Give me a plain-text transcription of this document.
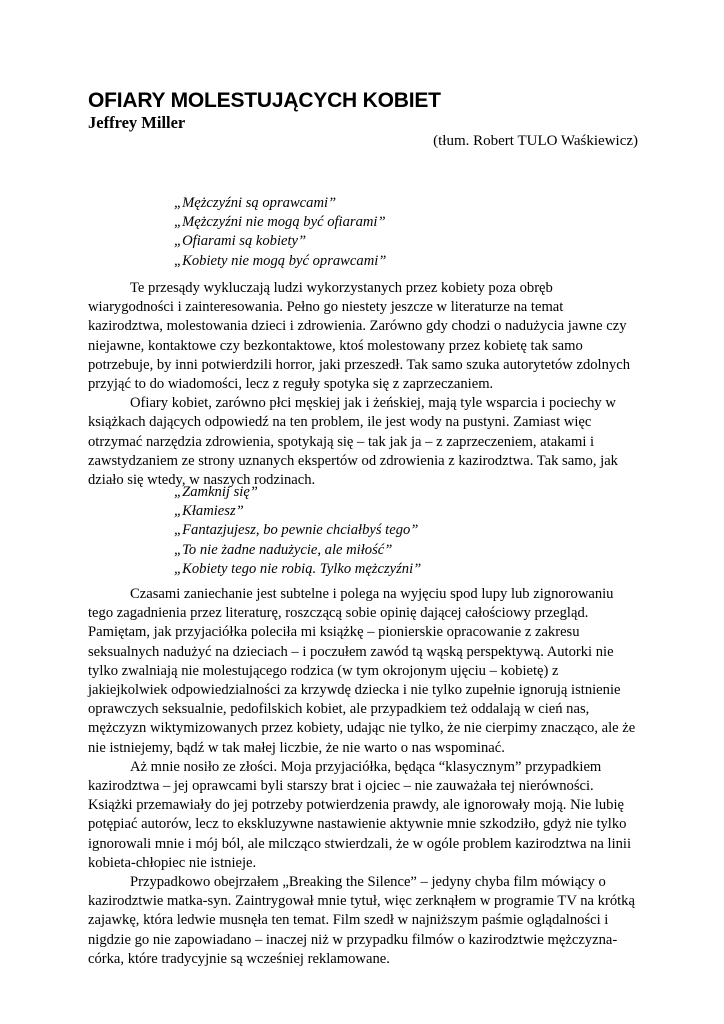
OFIARY MOLESTUJĄCYCH KOBIET
Jeffrey Miller
(tłum. Robert TULO Waśkiewicz)
„Mężczyźni są oprawcami”
„Mężczyźni nie mogą być ofiarami”
„Ofiarami są kobiety”
„Kobiety nie mogą być oprawcami”
Te przesądy wykluczają ludzi wykorzystanych przez kobiety poza obręb
wiarygodności i zainteresowania. Pełno go niestety jeszcze w literaturze na temat
kazirodztwa, molestowania dzieci i zdrowienia. Zarówno gdy chodzi o nadużycia jawne czy
niejawne, kontaktowe czy bezkontaktowe, ktoś molestowany przez kobietę tak samo
potrzebuje, by inni potwierdzili horror, jaki przeszedł. Tak samo szuka autorytetów zdolnych
przyjąć to do wiadomości, lecz z reguły spotyka się z zaprzeczaniem.
Ofiary kobiet, zarówno płci męskiej jak i żeńskiej, mają tyle wsparcia i pociechy w
książkach dających odpowiedź na ten problem, ile jest wody na pustyni. Zamiast więc
otrzymać narzędzia zdrowienia, spotykają się – tak jak ja – z zaprzeczeniem, atakami i
zawstydzaniem ze strony uznanych ekspertów od zdrowienia z kazirodztwa. Tak samo, jak
działo się wtedy, w naszych rodzinach.
„Zamknij się”
„Kłamiesz”
„Fantazjujesz, bo pewnie chciałbyś tego”
„To nie żadne nadużycie, ale miłość”
„Kobiety tego nie robią. Tylko mężczyźni”
Czasami zaniechanie jest subtelne i polega na wyjęciu spod lupy lub zignorowaniu
tego zagadnienia przez literaturę, roszczącą sobie opinię dającej całościowy przegląd.
Pamiętam, jak przyjaciółka poleciła mi książkę – pionierskie opracowanie z zakresu
seksualnych nadużyć na dzieciach – i poczułem zawód tą wąską perspektywą. Autorki nie
tylko zwalniają nie molestującego rodzica (w tym okrojonym ujęciu – kobietę) z
jakiejkolwiek odpowiedzialności za krzywdę dziecka i nie tylko zupełnie ignorują istnienie
oprawczych seksualnie, pedofilskich kobiet, ale przypadkiem też oddalają w cień nas,
mężczyzn wiktymizowanych przez kobiety, udając nie tylko, że nie cierpimy znacząco, ale że
nie istniejemy, bądź w tak małej liczbie, że nie warto o nas wspominać.
Aż mnie nosiło ze złości. Moja przyjaciółka, będąca “klasycznym” przypadkiem
kazirodztwa – jej oprawcami byli starszy brat i ojciec – nie zauważała tej nierówności.
Książki przemawiały do jej potrzeby potwierdzenia prawdy, ale ignorowały moją. Nie lubię
potępiać autorów, lecz to ekskluzywne nastawienie aktywnie mnie szkodziło, gdyż nie tylko
ignorowali mnie i mój ból, ale milcząco stwierdzali, że w ogóle problem kazirodztwa na linii
kobieta-chłopiec nie istnieje.
Przypadkowo obejrzałem „Breaking the Silence” – jedyny chyba film mówiący o
kazirodztwie matka-syn. Zaintrygował mnie tytuł, więc zerknąłem w programie TV na krótką
zajawkę, która ledwie musnęła ten temat. Film szedł w najniższym paśmie oglądalności i
nigdzie go nie zapowiadano – inaczej niż w przypadku filmów o kazirodztwie mężczyzna-
córka, które tradycyjnie są wcześniej reklamowane.
